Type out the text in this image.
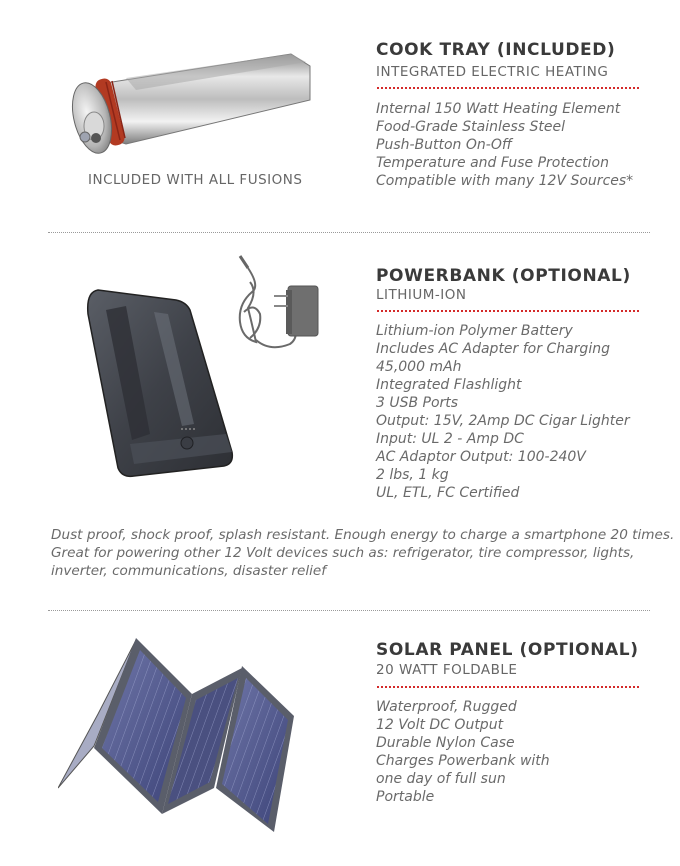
INCLUDED WITH ALL FUSIONS
COOK TRAY (INCLUDED)
INTEGRATED ELECTRIC HEATING
Internal 150 Watt Heating Element
Food-Grade Stainless Steel
Push-Button On-Off
Temperature and Fuse Protection
Compatible with many 12V Sources*
POWERBANK (OPTIONAL)
LITHIUM-ION
Lithium-ion Polymer Battery
Includes AC Adapter for Charging
45,000 mAh
Integrated Flashlight
3 USB Ports
Output: 15V, 2Amp DC Cigar Lighter
Input: UL 2 - Amp DC
AC Adaptor Output: 100-240V
2 lbs, 1 kg
UL, ETL, FC Certified
Dust proof, shock proof, splash resistant. Enough energy to charge a smartphone 20 times. Great for powering other 12 Volt devices such as: refrigerator, tire compressor, lights, inverter, communications, disaster relief
SOLAR PANEL (OPTIONAL)
20 WATT FOLDABLE
Waterproof, Rugged
12 Volt DC Output
Durable Nylon Case
Charges Powerbank with
one day of full sun
Portable
